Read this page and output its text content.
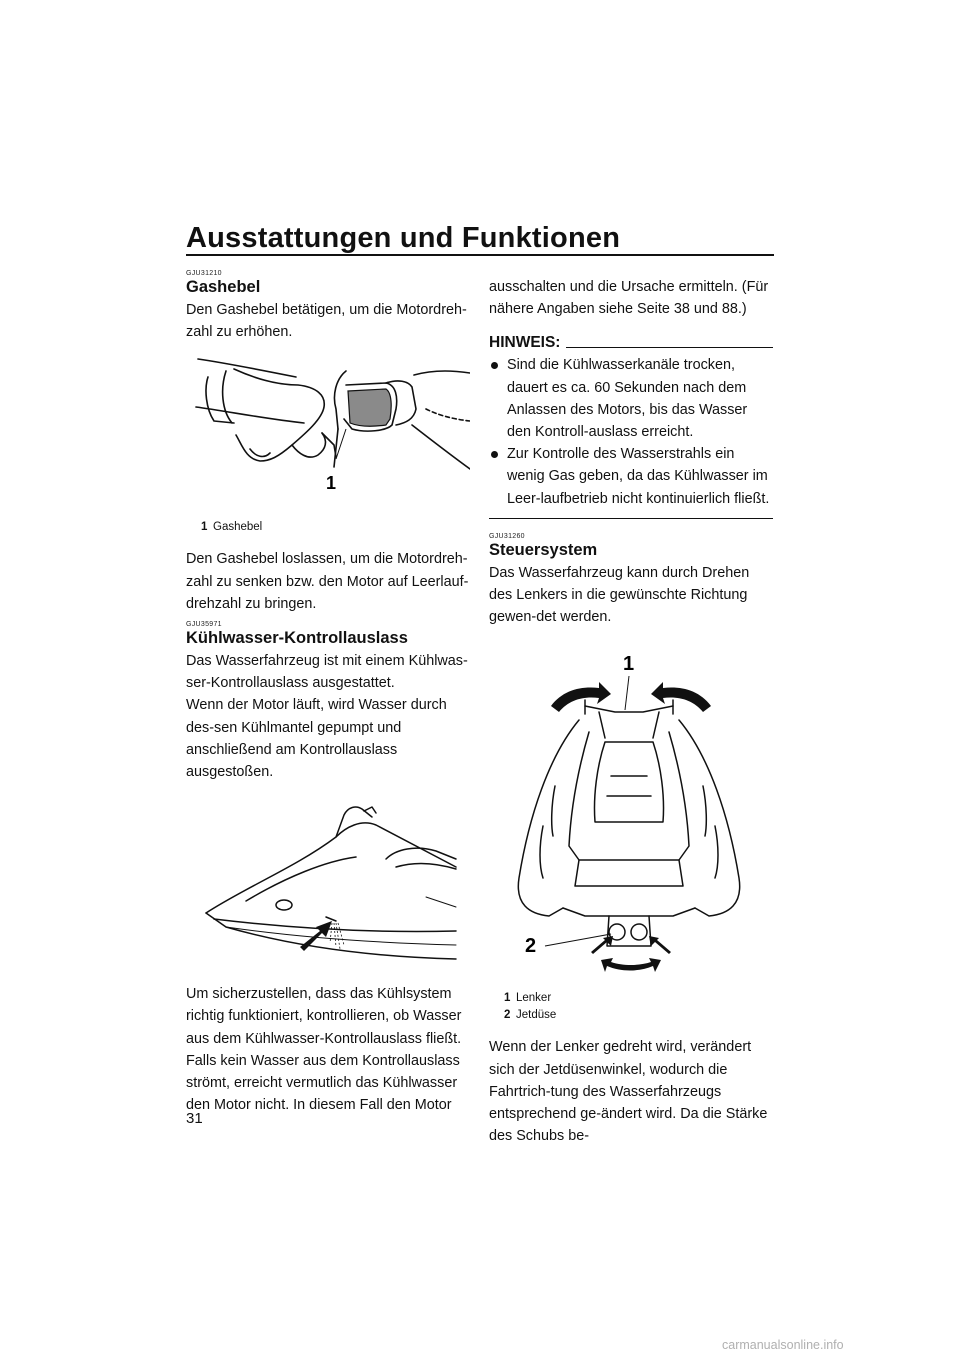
Ausstattungen und Funktionen

GJU31210

Gashebel

Den Gashebel betätigen, um die Motordreh-zahl zu erhöhen.

1
1 Gashebel

Den Gashebel loslassen, um die Motordreh-zahl zu senken bzw. den Motor auf Leerlauf-drehzahl zu bringen.

GJU35971

Kühlwasser-Kontrollauslass

Das Wasserfahrzeug ist mit einem Kühlwas-ser-Kontrollauslass ausgestattet.

Wenn der Motor läuft, wird Wasser durch des-sen Kühlmantel gepumpt und anschließend am Kontrollauslass ausgestoßen.

Um sicherzustellen, dass das Kühlsystem richtig funktioniert, kontrollieren, ob Wasser aus dem Kühlwasser-Kontrollauslass fließt. Falls kein Wasser aus dem Kontrollauslass strömt, erreicht vermutlich das Kühlwasser den Motor nicht. In diesem Fall den Motor

ausschalten und die Ursache ermitteln. (Für nähere Angaben siehe Seite 38 und 88.)

HINWEIS:
Sind die Kühlwasserkanäle trocken, dauert es ca. 60 Sekunden nach dem Anlassen des Motors, bis das Wasser den Kontroll-auslass erreicht.
Zur Kontrolle des Wasserstrahls ein wenig Gas geben, da das Kühlwasser im Leer-laufbetrieb nicht kontinuierlich fließt.

GJU31260

Steuersystem

Das Wasserfahrzeug kann durch Drehen des Lenkers in die gewünschte Richtung gewen-det werden.

1
2
1 Lenker
2 Jetdüse

Wenn der Lenker gedreht wird, verändert sich der Jetdüsenwinkel, wodurch die Fahrtrich-tung des Wasserfahrzeugs entsprechend ge-ändert wird. Da die Stärke des Schubs be-

31
carmanualsonline.info
